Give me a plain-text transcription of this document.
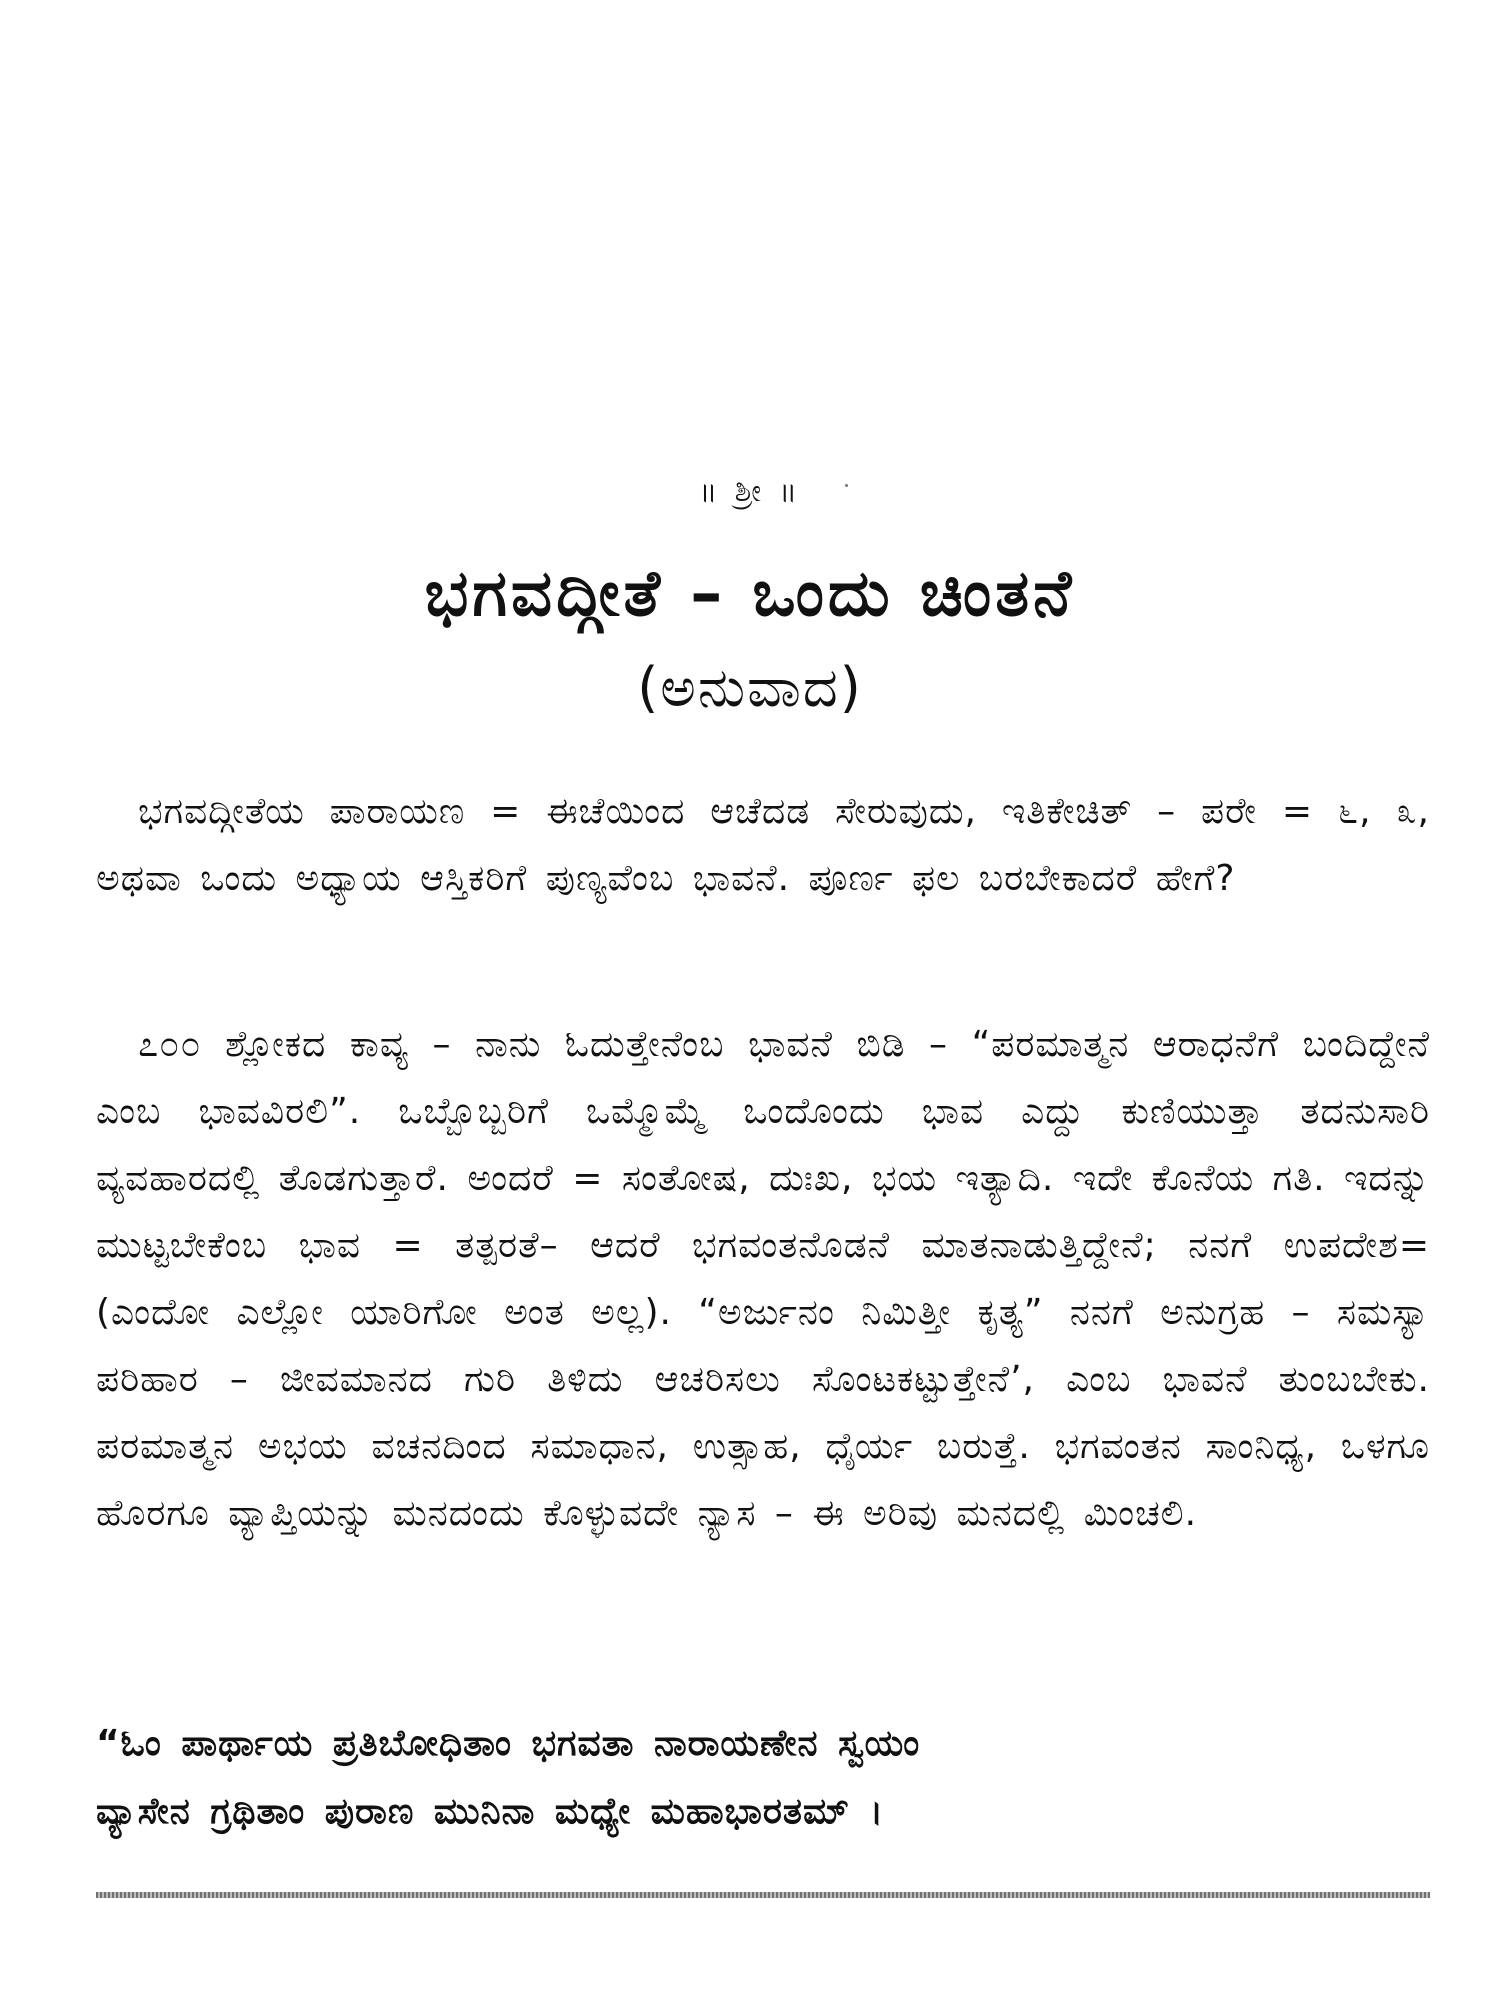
॥ ಶ್ರೀ ॥
ಭಗವದ್ಗೀತೆ – ಒಂದು ಚಿಂತನೆ
(ಅನುವಾದ)

ಭಗವದ್ಗೀತೆಯ ಪಾರಾಯಣ = ಈಚೆಯಿಂದ ಆಚೆದಡ ಸೇರುವುದು, ಇತಿಕೇಚಿತ್ – ಪರೇ = ೬, ೩, ಅಥವಾ ಒಂದು ಅಧ್ಯಾಯ ಆಸ್ತಿಕರಿಗೆ ಪುಣ್ಯವೆಂಬ ಭಾವನೆ. ಪೂರ್ಣ ಫಲ ಬರಬೇಕಾದರೆ ಹೇಗೆ?

೭೦೦ ಶ್ಲೋಕದ ಕಾವ್ಯ – ನಾನು ಓದುತ್ತೇನೆಂಬ ಭಾವನೆ ಬಿಡಿ – “ಪರಮಾತ್ಮನ ಆರಾಧನೆಗೆ ಬಂದಿದ್ದೇನೆ ಎಂಬ ಭಾವವಿರಲಿ”. ಒಬ್ಬೊಬ್ಬರಿಗೆ ಒಮ್ಮೊಮ್ಮೆ ಒಂದೊಂದು ಭಾವ ಎದ್ದು ಕುಣಿಯುತ್ತಾ ತದನುಸಾರಿ ವ್ಯವಹಾರದಲ್ಲಿ ತೊಡಗುತ್ತಾರೆ. ಅಂದರೆ = ಸಂತೋಷ, ದುಃಖ, ಭಯ ಇತ್ಯಾದಿ. ಇದೇ ಕೊನೆಯ ಗತಿ. ಇದನ್ನು ಮುಟ್ಟಬೇಕೆಂಬ ಭಾವ = ತತ್ಪರತೆ– ಆದರೆ ಭಗವಂತನೊಡನೆ ಮಾತನಾಡುತ್ತಿದ್ದೇನೆ; ನನಗೆ ಉಪದೇಶ= (ಎಂದೋ ಎಲ್ಲೋ ಯಾರಿಗೋ ಅಂತ ಅಲ್ಲ). “ಅರ್ಜುನಂ ನಿಮಿತ್ತೀ ಕೃತ್ಯ” ನನಗೆ ಅನುಗ್ರಹ – ಸಮಸ್ಯಾ ಪರಿಹಾರ – ಜೀವಮಾನದ ಗುರಿ ತಿಳಿದು ಆಚರಿಸಲು ಸೊಂಟಕಟ್ಟುತ್ತೇನೆ’, ಎಂಬ ಭಾವನೆ ತುಂಬಬೇಕು. ಪರಮಾತ್ಮನ ಅಭಯ ವಚನದಿಂದ ಸಮಾಧಾನ, ಉತ್ಸಾಹ, ಧೈರ್ಯ ಬರುತ್ತೆ. ಭಗವಂತನ ಸಾಂನಿಧ್ಯ, ಒಳಗೂ ಹೊರಗೂ ವ್ಯಾಪ್ತಿಯನ್ನು ಮನದಂದು ಕೊಳ್ಳುವದೇ ನ್ಯಾಸ – ಈ ಅರಿವು ಮನದಲ್ಲಿ ಮಿಂಚಲಿ.

“ಓಂ ಪಾರ್ಥಾಯ ಪ್ರತಿಬೋಧಿತಾಂ ಭಗವತಾ ನಾರಾಯಣೇನ ಸ್ವಯಂ
ವ್ಯಾಸೇನ ಗ್ರಥಿತಾಂ ಪುರಾಣ ಮುನಿನಾ ಮಧ್ಯೇ ಮಹಾಭಾರತಮ್ ।
